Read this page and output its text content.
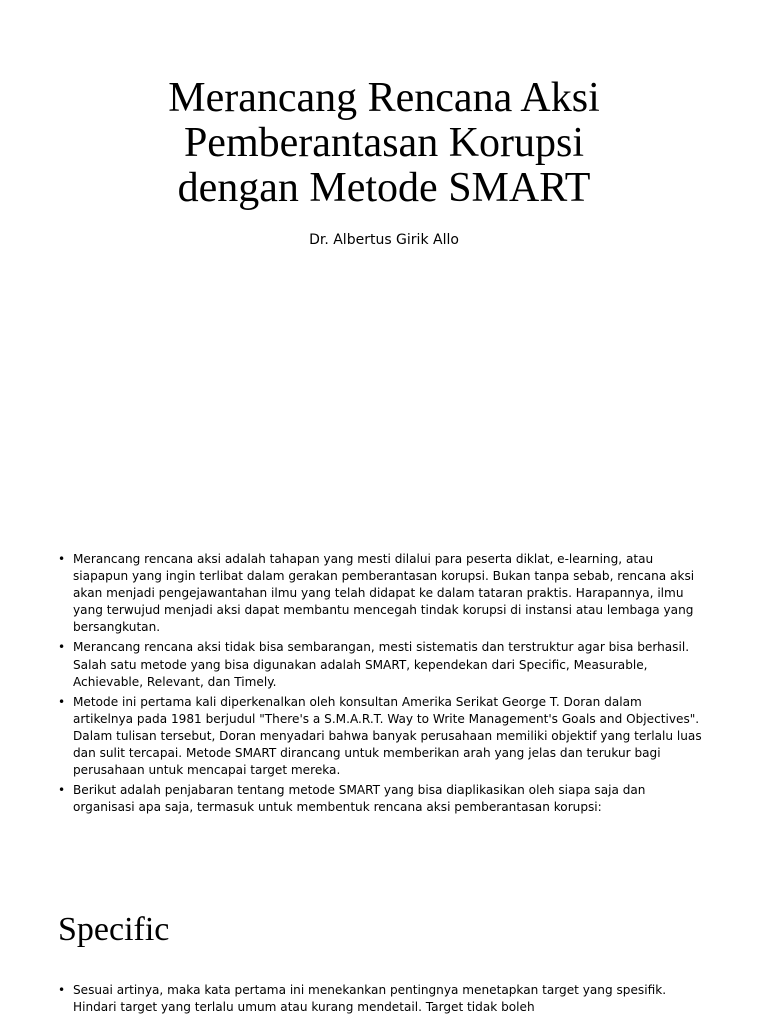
Merancang Rencana Aksi
Pemberantasan Korupsi
dengan Metode SMART

Dr. Albertus Girik Allo

• Merancang rencana aksi adalah tahapan yang mesti dilalui para peserta diklat, e-learning, atau siapapun yang ingin terlibat dalam gerakan pemberantasan korupsi. Bukan tanpa sebab, rencana aksi akan menjadi pengejawantahan ilmu yang telah didapat ke dalam tataran praktis. Harapannya, ilmu yang terwujud menjadi aksi dapat membantu mencegah tindak korupsi di instansi atau lembaga yang bersangkutan.
• Merancang rencana aksi tidak bisa sembarangan, mesti sistematis dan terstruktur agar bisa berhasil. Salah satu metode yang bisa digunakan adalah SMART, kependekan dari Specific, Measurable, Achievable, Relevant, dan Timely.
• Metode ini pertama kali diperkenalkan oleh konsultan Amerika Serikat George T. Doran dalam artikelnya pada 1981 berjudul "There's a S.M.A.R.T. Way to Write Management's Goals and Objectives". Dalam tulisan tersebut, Doran menyadari bahwa banyak perusahaan memiliki objektif yang terlalu luas dan sulit tercapai. Metode SMART dirancang untuk memberikan arah yang jelas dan terukur bagi perusahaan untuk mencapai target mereka.
• Berikut adalah penjabaran tentang metode SMART yang bisa diaplikasikan oleh siapa saja dan organisasi apa saja, termasuk untuk membentuk rencana aksi pemberantasan korupsi:
Specific
• Sesuai artinya, maka kata pertama ini menekankan pentingnya menetapkan target yang spesifik. Hindari target yang terlalu umum atau kurang mendetail. Target tidak boleh
